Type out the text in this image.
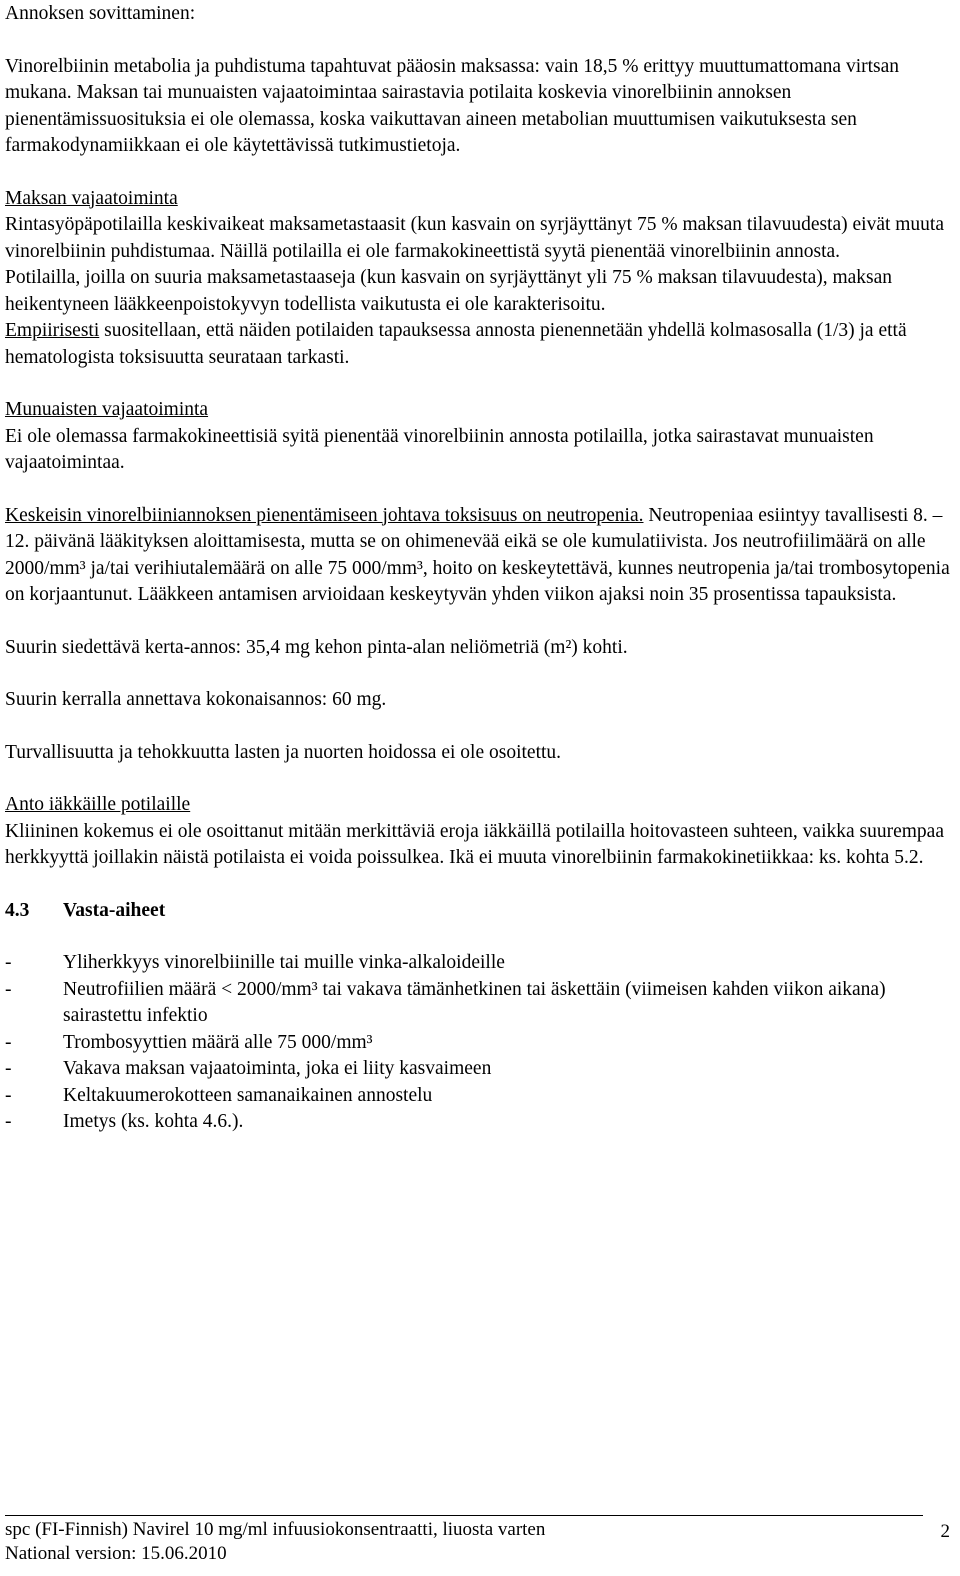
Annoksen sovittaminen:

Vinorelbiinin metabolia ja puhdistuma tapahtuvat pääosin maksassa: vain 18,5 % erittyy muuttumattomana virtsan mukana. Maksan tai munuaisten vajaatoimintaa sairastavia potilaita koskevia vinorelbiinin annoksen pienentämissuosituksia ei ole olemassa, koska vaikuttavan aineen metabolian muuttumisen vaikutuksesta sen farmakodynamiikkaan ei ole käytettävissä tutkimustietoja.

Maksan vajaatoiminta

Rintasyöpäpotilailla keskivaikeat maksametastaasit (kun kasvain on syrjäyttänyt 75 % maksan tilavuudesta) eivät muuta vinorelbiinin puhdistumaa. Näillä potilailla ei ole farmakokineettistä syytä pienentää vinorelbiinin annosta.

Potilailla, joilla on suuria maksametastaaseja (kun kasvain on syrjäyttänyt yli 75 % maksan tilavuudesta), maksan heikentyneen lääkkeenpoistokyvyn todellista vaikutusta ei ole karakterisoitu.

Empiirisesti suositellaan, että näiden potilaiden tapauksessa annosta pienennetään yhdellä kolmasosalla (1/3) ja että hematologista toksisuutta seurataan tarkasti.

Munuaisten vajaatoiminta

Ei ole olemassa farmakokineettisiä syitä pienentää vinorelbiinin annosta potilailla, jotka sairastavat munuaisten vajaatoimintaa.

Keskeisin vinorelbiiniannoksen pienentämiseen johtava toksisuus on neutropenia. Neutropeniaa esiintyy tavallisesti 8. – 12. päivänä lääkityksen aloittamisesta, mutta se on ohimenevää eikä se ole kumulatiivista. Jos neutrofiilimäärä on alle 2000/mm³ ja/tai verihiutalemäärä on alle 75 000/mm³, hoito on keskeytettävä, kunnes neutropenia ja/tai trombosytopenia on korjaantunut. Lääkkeen antamisen arvioidaan keskeytyvän yhden viikon ajaksi noin 35 prosentissa tapauksista.

Suurin siedettävä kerta-annos: 35,4 mg kehon pinta-alan neliömetriä (m²) kohti.

Suurin kerralla annettava kokonaisannos: 60 mg.

Turvallisuutta ja tehokkuutta lasten ja nuorten hoidossa ei ole osoitettu.

Anto iäkkäille potilaille

Kliininen kokemus ei ole osoittanut mitään merkittäviä eroja iäkkäillä potilailla hoitovasteen suhteen, vaikka suurempaa herkkyyttä joillakin näistä potilaista ei voida poissulkea. Ikä ei muuta vinorelbiinin farmakokinetiikkaa: ks. kohta 5.2.

4.3	Vasta-aiheet

-	Yliherkkyys vinorelbiinille tai muille vinka-alkaloideille
-	Neutrofiilien määrä < 2000/mm³ tai vakava tämänhetkinen tai äskettäin (viimeisen kahden viikon aikana) sairastettu infektio
-	Trombosyyttien määrä alle 75 000/mm³
-	Vakava maksan vajaatoiminta, joka ei liity kasvaimeen
-	Keltakuumerokotteen samanaikainen annostelu
-	Imetys (ks. kohta 4.6.).
spc (FI-Finnish) Navirel 10 mg/ml infuusiokonsentraatti, liuosta varten
National version: 15.06.2010
2
